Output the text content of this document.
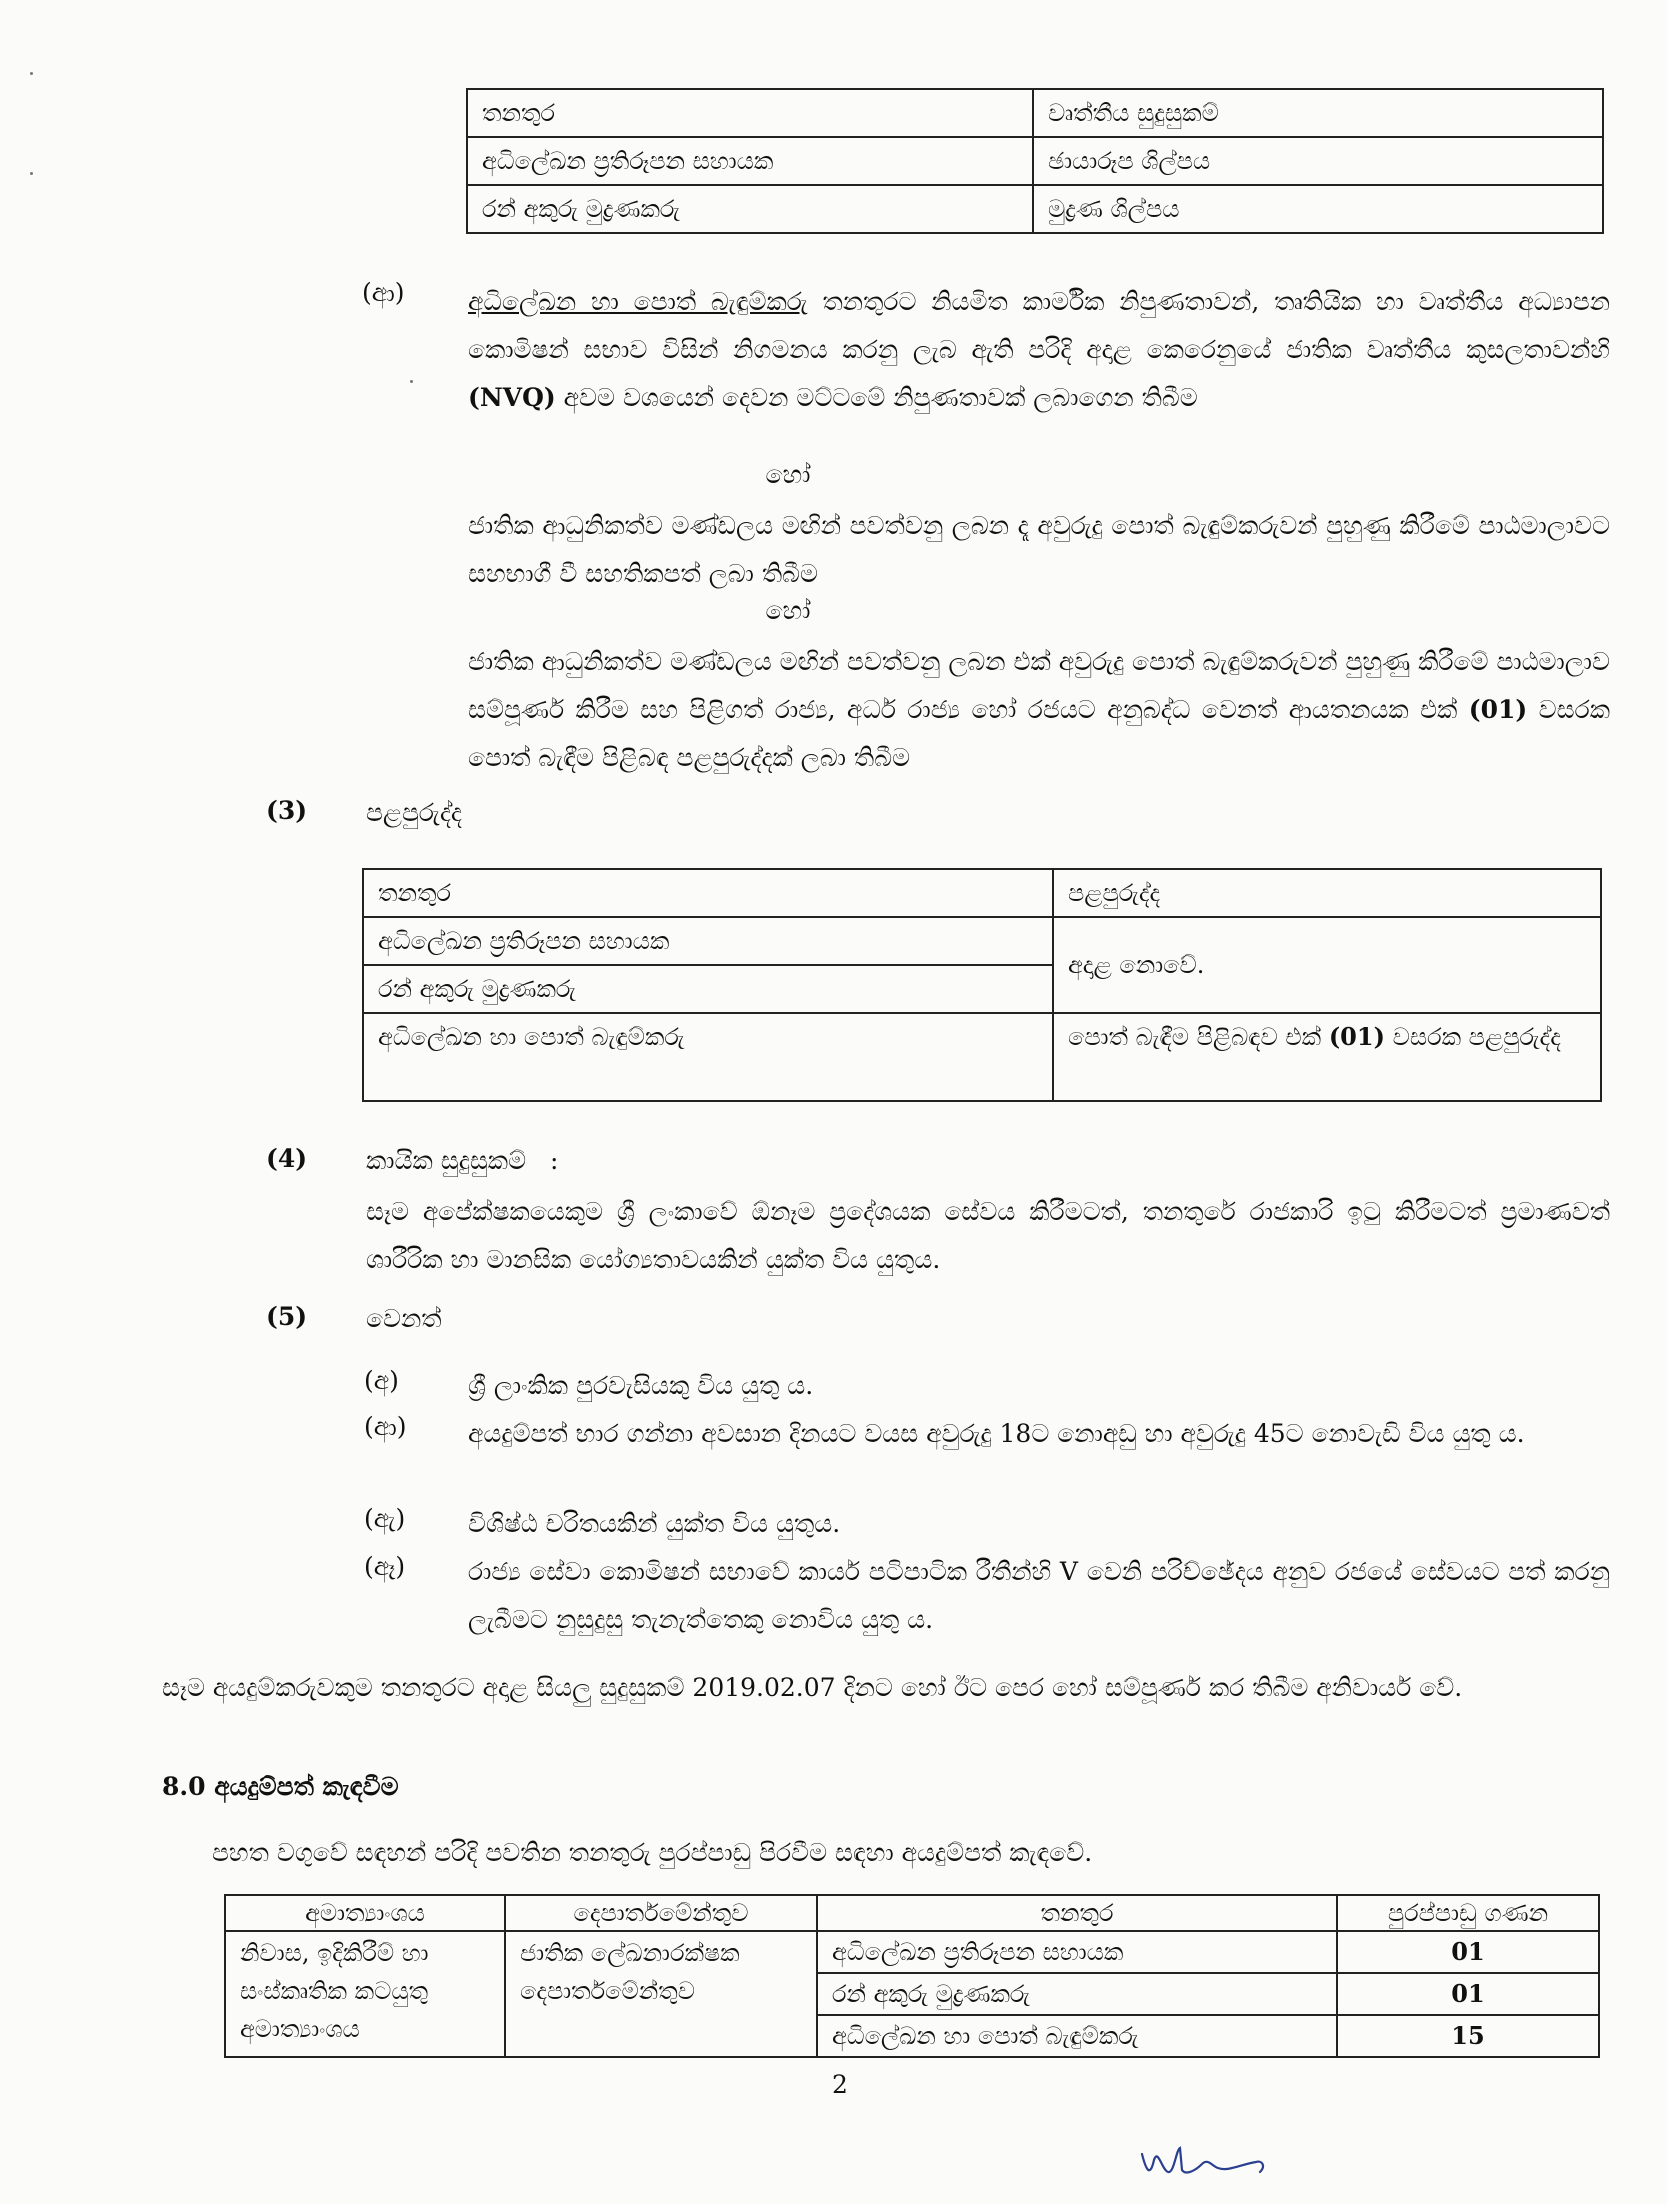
තනතුර	වෘත්තීය සුදුසුකම්
අධිලේඛන ප්‍රතිරූපන සහායක	ඡායාරූප ශිල්පය
රන් අකුරු මුද්‍රණකරු	මුද්‍රණ ශිල්පය
(ආ)	අධිලේඛන හා පොත් බැඳුම්කරු තනතුරට නියමිත කාර්මික නිපුණතාවන්, තෘතියික හා වෘත්තීය අධ්‍යාපන කොමිෂන් සභාව විසින් නිගමනය කරනු ලැබ ඇති පරිදි අදාළ කෙරෙනුයේ ජාතික වෘත්තීය කුසලතාවන්හි (NVQ) අවම වශයෙන් දෙවන මට්ටමේ නිපුණතාවක් ලබාගෙන තිබීම
හෝ
ජාතික ආධුනිකත්ව මණ්ඩලය මඟින් පවත්වනු ලබන දෑ අවුරුදු පොත් බැඳුම්කරුවන් පුහුණු කිරීමේ පාඨමාලාවට සහභාගී වී සහතිකපත් ලබා තිබීම
හෝ
ජාතික ආධුනිකත්ව මණ්ඩලය මඟින් පවත්වනු ලබන එක් අවුරුදු පොත් බැඳුම්කරුවන් පුහුණු කිරීමේ පාඨමාලාව සම්පූර්ණ කිරීම සහ පිළිගත් රාජ්‍ය, අර්ධ රාජ්‍ය හෝ රජයට අනුබද්ධ වෙනත් ආයතනයක එක් (01) වසරක පොත් බැඳීම පිළිබඳ පළපුරුද්දක් ලබා තිබීම
(3) පළපුරුද්ද
තනතුර	පළපුරුද්ද
අධිලේඛන ප්‍රතිරූපන සහායක	අදාළ නොවේ.
රන් අකුරු මුද්‍රණකරු	
අධිලේඛන හා පොත් බැඳුම්කරු	පොත් බැඳීම පිළිබඳව එක් (01) වසරක පළපුරුද්ද
(4) කායික සුදුසුකම් :
සෑම අපේක්ෂකයෙකුම ශ්‍රී ලංකාවේ ඕනෑම ප්‍රදේශයක සේවය කිරීමටත්, තනතුරේ රාජකාරි ඉටු කිරීමටත් ප්‍රමාණවත් ශාරීරික හා මානසික යෝග්‍යතාවයකින් යුක්ත විය යුතුය.
(5) වෙනත්
(අ)	ශ්‍රී ලාංකික පුරවැසියකු විය යුතු ය.
(ආ) අයදුම්පත් භාර ගන්නා අවසාන දිනයට වයස අවුරුදු 18ට නොඅඩු හා අවුරුදු 45ට නොවැඩි විය යුතු ය.
(ඇ)	විශිෂ්ඨ චරිතයකින් යුක්ත විය යුතුය.
(ඈ)	රාජ්‍ය සේවා කොමිෂන් සභාවේ කාර්ය පටිපාටික රීතීන්හි V වෙනි පරිච්ඡේදය අනුව රජයේ සේවයට පත් කරනු ලැබීමට නුසුදුසු තැනැත්තෙකු නොවිය යුතු ය.
සෑම අයදුම්කරුවකුම තනතුරට අදාළ සියලු සුදුසුකම් 2019.02.07 දිනට හෝ ඊට පෙර හෝ සම්පූර්ණ කර තිබීම අනිවාර්ය වේ.
8.0 අයදුම්පත් කැඳවීම
පහත වගුවේ සඳහන් පරිදි පවතින තනතුරු පුරප්පාඩු පිරවීම සඳහා අයදුම්පත් කැඳවේ.
අමාත්‍යාංශය	දෙපාර්තමේන්තුව	තනතුර	පුරප්පාඩු ගණන
නිවාස, ඉදිකිරීම් හා සංස්කෘතික කටයුතු අමාත්‍යාංශය	ජාතික ලේඛනාරක්ෂක දෙපාර්තමේන්තුව	අධිලේඛන ප්‍රතිරූපන සහායක	01
		රන් අකුරු මුද්‍රණකරු	01
		අධිලේඛන හා පොත් බැඳුම්කරු	15
2
